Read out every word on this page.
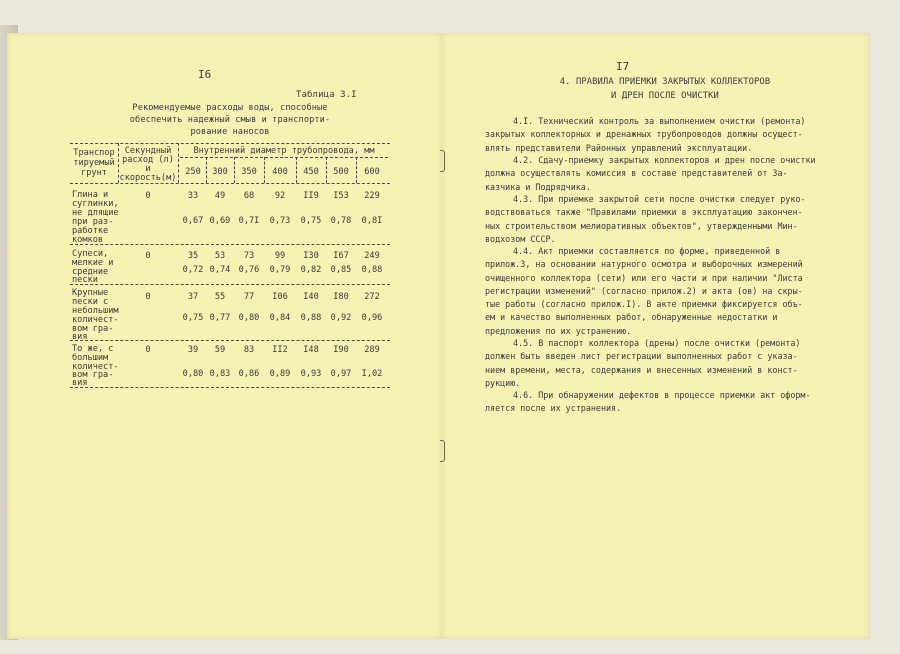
I6
Таблица 3.I
Рекомендуемые расходы воды, способные
обеспечить надежный смыв и транспорти-
рование наносов
Транспор
тируемый
грунт
Секундный
расход (л)
и
скорость(м)
Внутренний диаметр трубопровода, мм
250	300	350	400	450	500	600
Глина и
суглинки,
не длящие
при раз-
работке
комков
0	33	49	68	92	II9	I53	229
0,67 0,69 0,7I	0,73	0,75	0,78	0,8I
Супеси,
мелкие и
средние
пески
0	35	53	73	99	I30	I67	249
0,72 0,74 0,76	0,79	0,82	0,85	0,88
Крупные
пески с
небольшим
количест-
вом гра-
вия
0	37	55	77	I06	I40	I80	272
0,75 0,77 0,80	0,84	0,88	0,92	0,96
То же, с
большим
количест-
вом гра-
вия
0	39	59	83	II2	I48	I90	289
0,80 0,83 0,86	0,89	0,93	0,97	I,02
I7
4. ПРАВИЛА ПРИЕМКИ ЗАКРЫТЫХ КОЛЛЕКТОРОВ
И ДРЕН ПОСЛЕ ОЧИСТКИ
4.I. Технический контроль за выполнением очистки (ремонта)
закрытых коллекторных и дренажных трубопроводов должны осущест-
влять представители Районных управлений эксплуатации.
4.2. Сдачу-приемку закрытых коллекторов и дрен после очистки
должна осуществлять комиссия в составе представителей от За-
казчика и Подрядчика.
4.3. При приемке закрытой сети после очистки следует руко-
водствоваться также "Правилами приемки в эксплуатацию закончен-
ных строительством мелиоративных объектов", утвержденными Мин-
водхозом СССР.
4.4. Акт приемки составляется по форме, приведенной в
прилож.3, на основании натурного осмотра и выборочных измерений
очищенного коллектора (сети) или его части и при наличии "Листа
регистрации изменений" (согласно прилож.2) и акта (ов) на скры-
тые работы (согласно прилож.I). В акте приемки фиксируется объ-
ем и качество выполненных работ, обнаруженные недостатки и
предложения по их устранению.
4.5. В паспорт коллектора (дрены) после очистки (ремонта)
должен быть введен лист регистрации выполненных работ с указа-
нием времени, места, содержания и внесенных изменений в конст-
рукцию.
4.6. При обнаружении дефектов в процессе приемки акт оформ-
ляется после их устранения.
